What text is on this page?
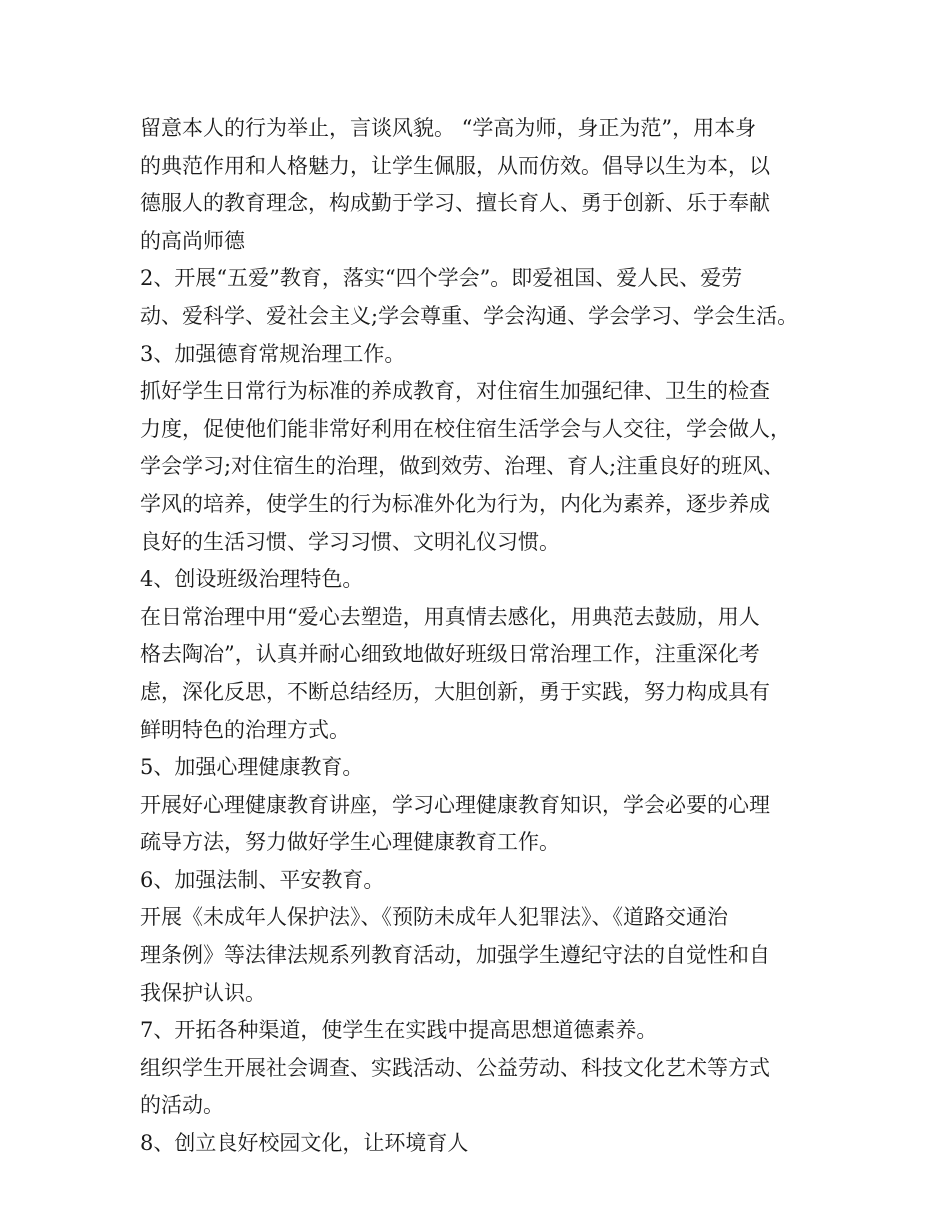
留意本人的行为举止，言谈风貌。 “学高为师，身正为范”，用本身
的典范作用和人格魅力，让学生佩服，从而仿效。倡导以生为本，以
德服人的教育理念，构成勤于学习、擅长育人、勇于创新、乐于奉献
的高尚师德
2、开展“五爱”教育，落实“四个学会”。即爱祖国、爱人民、爱劳
动、爱科学、爱社会主义;学会尊重、学会沟通、学会学习、学会生活。
3、加强德育常规治理工作。
抓好学生日常行为标准的养成教育，对住宿生加强纪律、卫生的检查
力度，促使他们能非常好利用在校住宿生活学会与人交往，学会做人，
学会学习;对住宿生的治理，做到效劳、治理、育人;注重良好的班风、
学风的培养，使学生的行为标准外化为行为，内化为素养，逐步养成
良好的生活习惯、学习习惯、文明礼仪习惯。
4、创设班级治理特色。
在日常治理中用“爱心去塑造，用真情去感化，用典范去鼓励，用人
格去陶冶”，认真并耐心细致地做好班级日常治理工作，注重深化考
虑，深化反思，不断总结经历，大胆创新，勇于实践，努力构成具有
鲜明特色的治理方式。
5、加强心理健康教育。
开展好心理健康教育讲座，学习心理健康教育知识，学会必要的心理
疏导方法，努力做好学生心理健康教育工作。
6、加强法制、平安教育。
开展《未成年人保护法》、《预防未成年人犯罪法》、《道路交通治
理条例》等法律法规系列教育活动，加强学生遵纪守法的自觉性和自
我保护认识。
7、开拓各种渠道，使学生在实践中提高思想道德素养。
组织学生开展社会调查、实践活动、公益劳动、科技文化艺术等方式
的活动。
8、创立良好校园文化，让环境育人
